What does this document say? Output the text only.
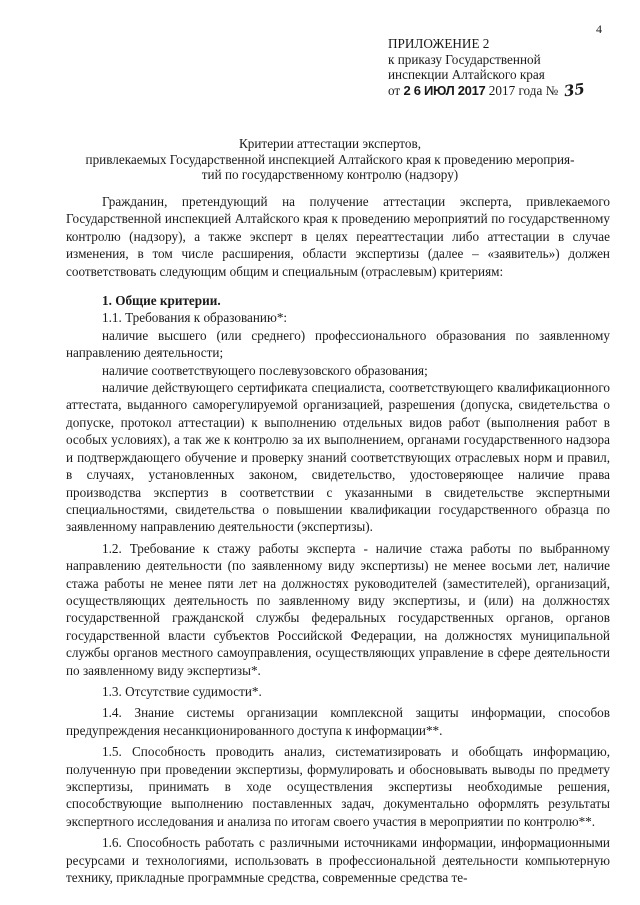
4
ПРИЛОЖЕНИЕ 2
к приказу Государственной
инспекции Алтайского края
от 2 6 ИЮЛ 2017 2017 года № 35
Критерии аттестации экспертов,
привлекаемых Государственной инспекцией Алтайского края к проведению мероприя-
тий по государственному контролю (надзору)

Гражданин, претендующий на получение аттестации эксперта, привлекаемого Государственной инспекцией Алтайского края к проведению мероприятий по государственному контролю (надзору), а также эксперт в целях переаттестации либо аттестации в случае изменения, в том числе расширения, области экспертизы (далее – «заявитель») должен соответствовать следующим общим и специальным (отраслевым) критериям:

1. Общие критерии.

1.1. Требования к образованию*:

наличие высшего (или среднего) профессионального образования по заявленному направлению деятельности;

наличие соответствующего послевузовского образования;

наличие действующего сертификата специалиста, соответствующего квалификационного аттестата, выданного саморегулируемой организацией, разрешения (допуска, свидетельства о допуске, протокол аттестации) к выполнению отдельных видов работ (выполнения работ в особых условиях), а так же к контролю за их выполнением, органами государственного надзора и подтверждающего обучение и проверку знаний соответствующих отраслевых норм и правил, в случаях, установленных законом, свидетельство, удостоверяющее наличие права производства экспертиз в соответствии с указанными в свидетельстве экспертными специальностями, свидетельства о повышении квалификации государственного образца по заявленному направлению деятельности (экспертизы).

1.2. Требование к стажу работы эксперта - наличие стажа работы по выбранному направлению деятельности (по заявленному виду экспертизы) не менее восьми лет, наличие стажа работы не менее пяти лет на должностях руководителей (заместителей), организаций, осуществляющих деятельность по заявленному виду экспертизы, и (или) на должностях государственной гражданской службы федеральных государственных органов, органов государственной власти субъектов Российской Федерации, на должностях муниципальной службы органов местного самоуправления, осуществляющих управление в сфере деятельности по заявленному виду экспертизы*.

1.3. Отсутствие судимости*.

1.4. Знание системы организации комплексной защиты информации, способов предупреждения несанкционированного доступа к информации**.

1.5. Способность проводить анализ, систематизировать и обобщать информацию, полученную при проведении экспертизы, формулировать и обосновывать выводы по предмету экспертизы, принимать в ходе осуществления экспертизы необходимые решения, способствующие выполнению поставленных задач, документально оформлять результаты экспертного исследования и анализа по итогам своего участия в мероприятии по контролю**.

1.6. Способность работать с различными источниками информации, информационными ресурсами и технологиями, использовать в профессиональной деятельности компьютерную технику, прикладные программные средства, современные средства те-
